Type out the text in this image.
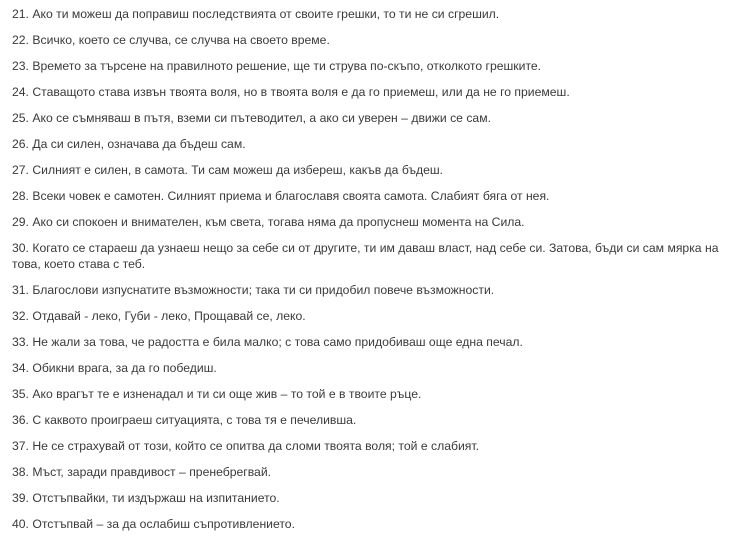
21. Ако ти можеш да поправиш последствията от своите грешки, то ти не си сгрешил.

22. Всичко, което се случва, се случва на своето време.

23. Времето за търсене на правилното решение, ще ти струва по-скъпо, отколкото грешките.

24. Ставащото става извън твоята воля, но в твоята воля е да го приемеш, или да не го приемеш.

25. Ако се съмняваш в пътя, вземи си пътеводител, а ако си уверен – движи се сам.

26. Да си силен, означава да бъдеш сам.

27. Силният е силен, в самота. Ти сам можеш да избереш, какъв да бъдеш.

28. Всеки човек е самотен. Силният приема и благославя своята самота. Слабият бяга от нея.

29. Ако си спокоен и внимателен, към света, тогава няма да пропуснеш момента на Сила.

30. Когато се стараеш да узнаеш нещо за себе си от другите, ти им даваш власт, над себе си. Затова, бъди си сам мярка на това, което става с теб.

31. Благослови изпуснатите възможности; така ти си придобил повече възможности.

32. Отдавай - леко, Губи - леко, Прощавай се, леко.

33. Не жали за това, че радостта е била малко; с това само придобиваш още една печал.

34. Обикни врага, за да го победиш.

35. Ако врагът те е изненадал и ти си още жив – то той е в твоите ръце.

36. С каквото проиграеш ситуацията, с това тя е печеливша.

37. Не се страхувай от този, който се опитва да сломи твоята воля; той е слабият.

38. Мъст, заради правдивост – пренебрегвай.

39. Отстъпвайки, ти издържаш на изпитанието.

40. Отстъпвай – за да ослабиш съпротивлението.
